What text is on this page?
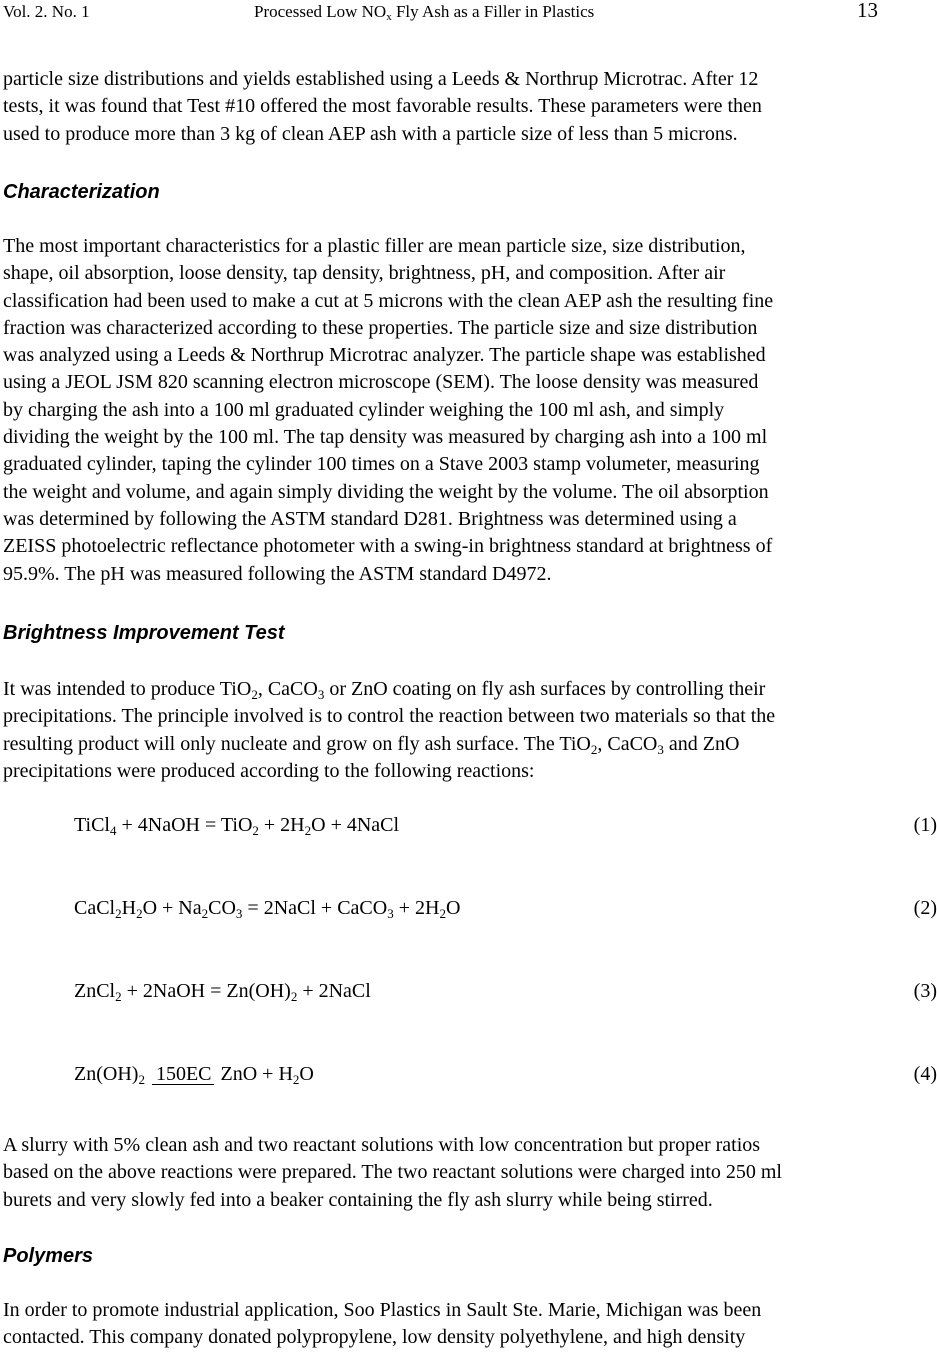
Vol. 2. No. 1	Processed Low $NO_x$ Fly Ash as a Filler in Plastics	13
particle size distributions and yields established using a Leeds & Northrup Microtrac. After 12
tests, it was found that Test #10 offered the most favorable results. These parameters were then
used to produce more than 3 kg of clean AEP ash with a particle size of less than 5 microns.
Characterization
The most important characteristics for a plastic filler are mean particle size, size distribution,
shape, oil absorption, loose density, tap density, brightness, pH, and composition. After air
classification had been used to make a cut at 5 microns with the clean AEP ash the resulting fine
fraction was characterized according to these properties. The particle size and size distribution
was analyzed using a Leeds & Northrup Microtrac analyzer. The particle shape was established
using a JEOL JSM 820 scanning electron microscope (SEM). The loose density was measured
by charging the ash into a 100 ml graduated cylinder weighing the 100 ml ash, and simply
dividing the weight by the 100 ml. The tap density was measured by charging ash into a 100 ml
graduated cylinder, taping the cylinder 100 times on a Stave 2003 stamp volumeter, measuring
the weight and volume, and again simply dividing the weight by the volume. The oil absorption
was determined by following the ASTM standard D281. Brightness was determined using a
ZEISS photoelectric reflectance photometer with a swing-in brightness standard at brightness of
95.9%. The pH was measured following the ASTM standard D4972.
Brightness Improvement Test
It was intended to produce TiO$_2$, CaCO$_3$ or ZnO coating on fly ash surfaces by controlling their
precipitations. The principle involved is to control the reaction between two materials so that the
resulting product will only nucleate and grow on fly ash surface. The TiO$_2$, CaCO$_3$ and ZnO
precipitations were produced according to the following reactions:
TiCl$_4$ + 4NaOH = $TiO_2 + 2H_2O$ + 4NaCl	(1)
$CaCl_2H_2O + Na_2CO_3$ = 2NaCl + CaCO$_3$ + $2H_2O$	(2)
ZnCl$_2$ + 2NaOH = $Zn(OH)_2$ + 2NaCl	(3)
$Zn(OH)_2$ 150EC ZnO + $H_2O$	(4)
A slurry with 5% clean ash and two reactant solutions with low concentration but proper ratios
based on the above reactions were prepared. The two reactant solutions were charged into 250 ml
burets and very slowly fed into a beaker containing the fly ash slurry while being stirred.
Polymers
In order to promote industrial application, Soo Plastics in Sault Ste. Marie, Michigan was been
contacted. This company donated polypropylene, low density polyethylene, and high density
